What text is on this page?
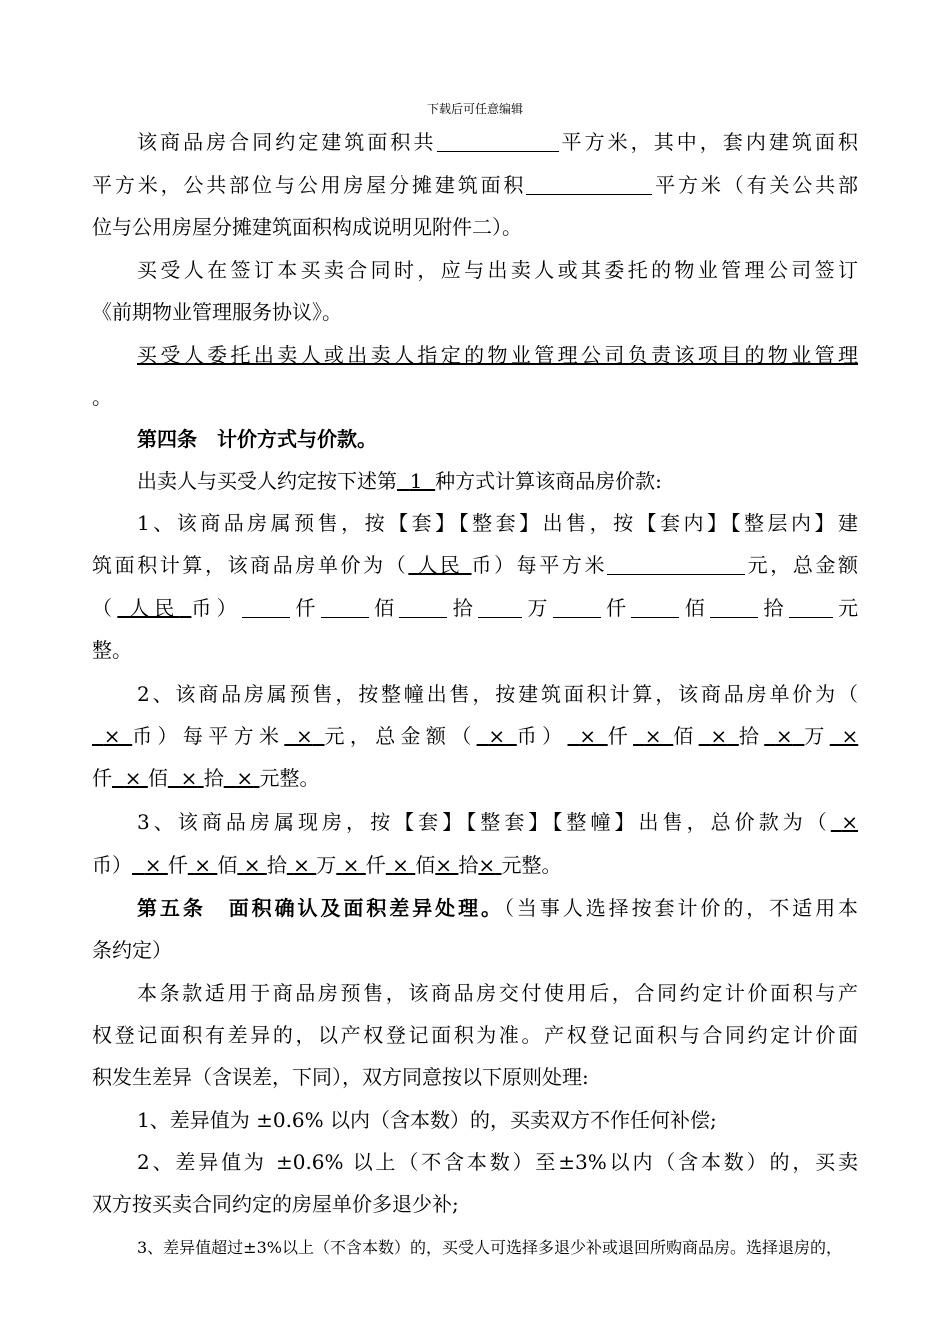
下载后可任意编辑
该商品房合同约定建筑面积共	平方米，其中，套内建筑面积
平方米，公共部位与公用房屋分摊建筑面积	平方米（有关公共部
位与公用房屋分摊建筑面积构成说明见附件二）。
买受人在签订本买卖合同时，应与出卖人或其委托的物业管理公司签订
《前期物业管理服务协议》。
买受人委托出卖人或出卖人指定的物业管理公司负责该项目的物业管理
。
第四条　计价方式与价款。
出卖人与买受人约定按下述第 1 种方式计算该商品房价款:
1、该商品房属预售，按【套】【整套】出售，按【套内】【整层内】建
筑面积计算，该商品房单价为（ 人民 币）每平方米	元，总金额
（ 人民 币） 仟 佰 拾 万 仟 佰 拾 元
整。
2、该商品房属预售，按整幢出售，按建筑面积计算，该商品房单价为（
× 币）每平方米 × 元，总金额（ × 币） × 仟 × 佰 × 拾 × 万 ×
仟 × 佰 × 拾 × 元整。
3、该商品房属现房，按【套】【整套】【整幢】出售，总价款为（ ×
币） × 仟 × 佰 × 拾 × 万 × 仟 × 佰× 拾× 元整。
第五条　面积确认及面积差异处理。（当事人选择按套计价的，不适用本
条约定）
本条款适用于商品房预售，该商品房交付使用后，合同约定计价面积与产
权登记面积有差异的，以产权登记面积为准。产权登记面积与合同约定计价面
积发生差异（含误差，下同），双方同意按以下原则处理:
1、差异值为 ±0.6% 以内（含本数）的，买卖双方不作任何补偿;
2、差异值为 ±0.6% 以上（不含本数）至±3%以内（含本数）的，买卖
双方按买卖合同约定的房屋单价多退少补;
3、差异值超过±3%以上（不含本数）的，买受人可选择多退少补或退回所购商品房。选择退房的，
